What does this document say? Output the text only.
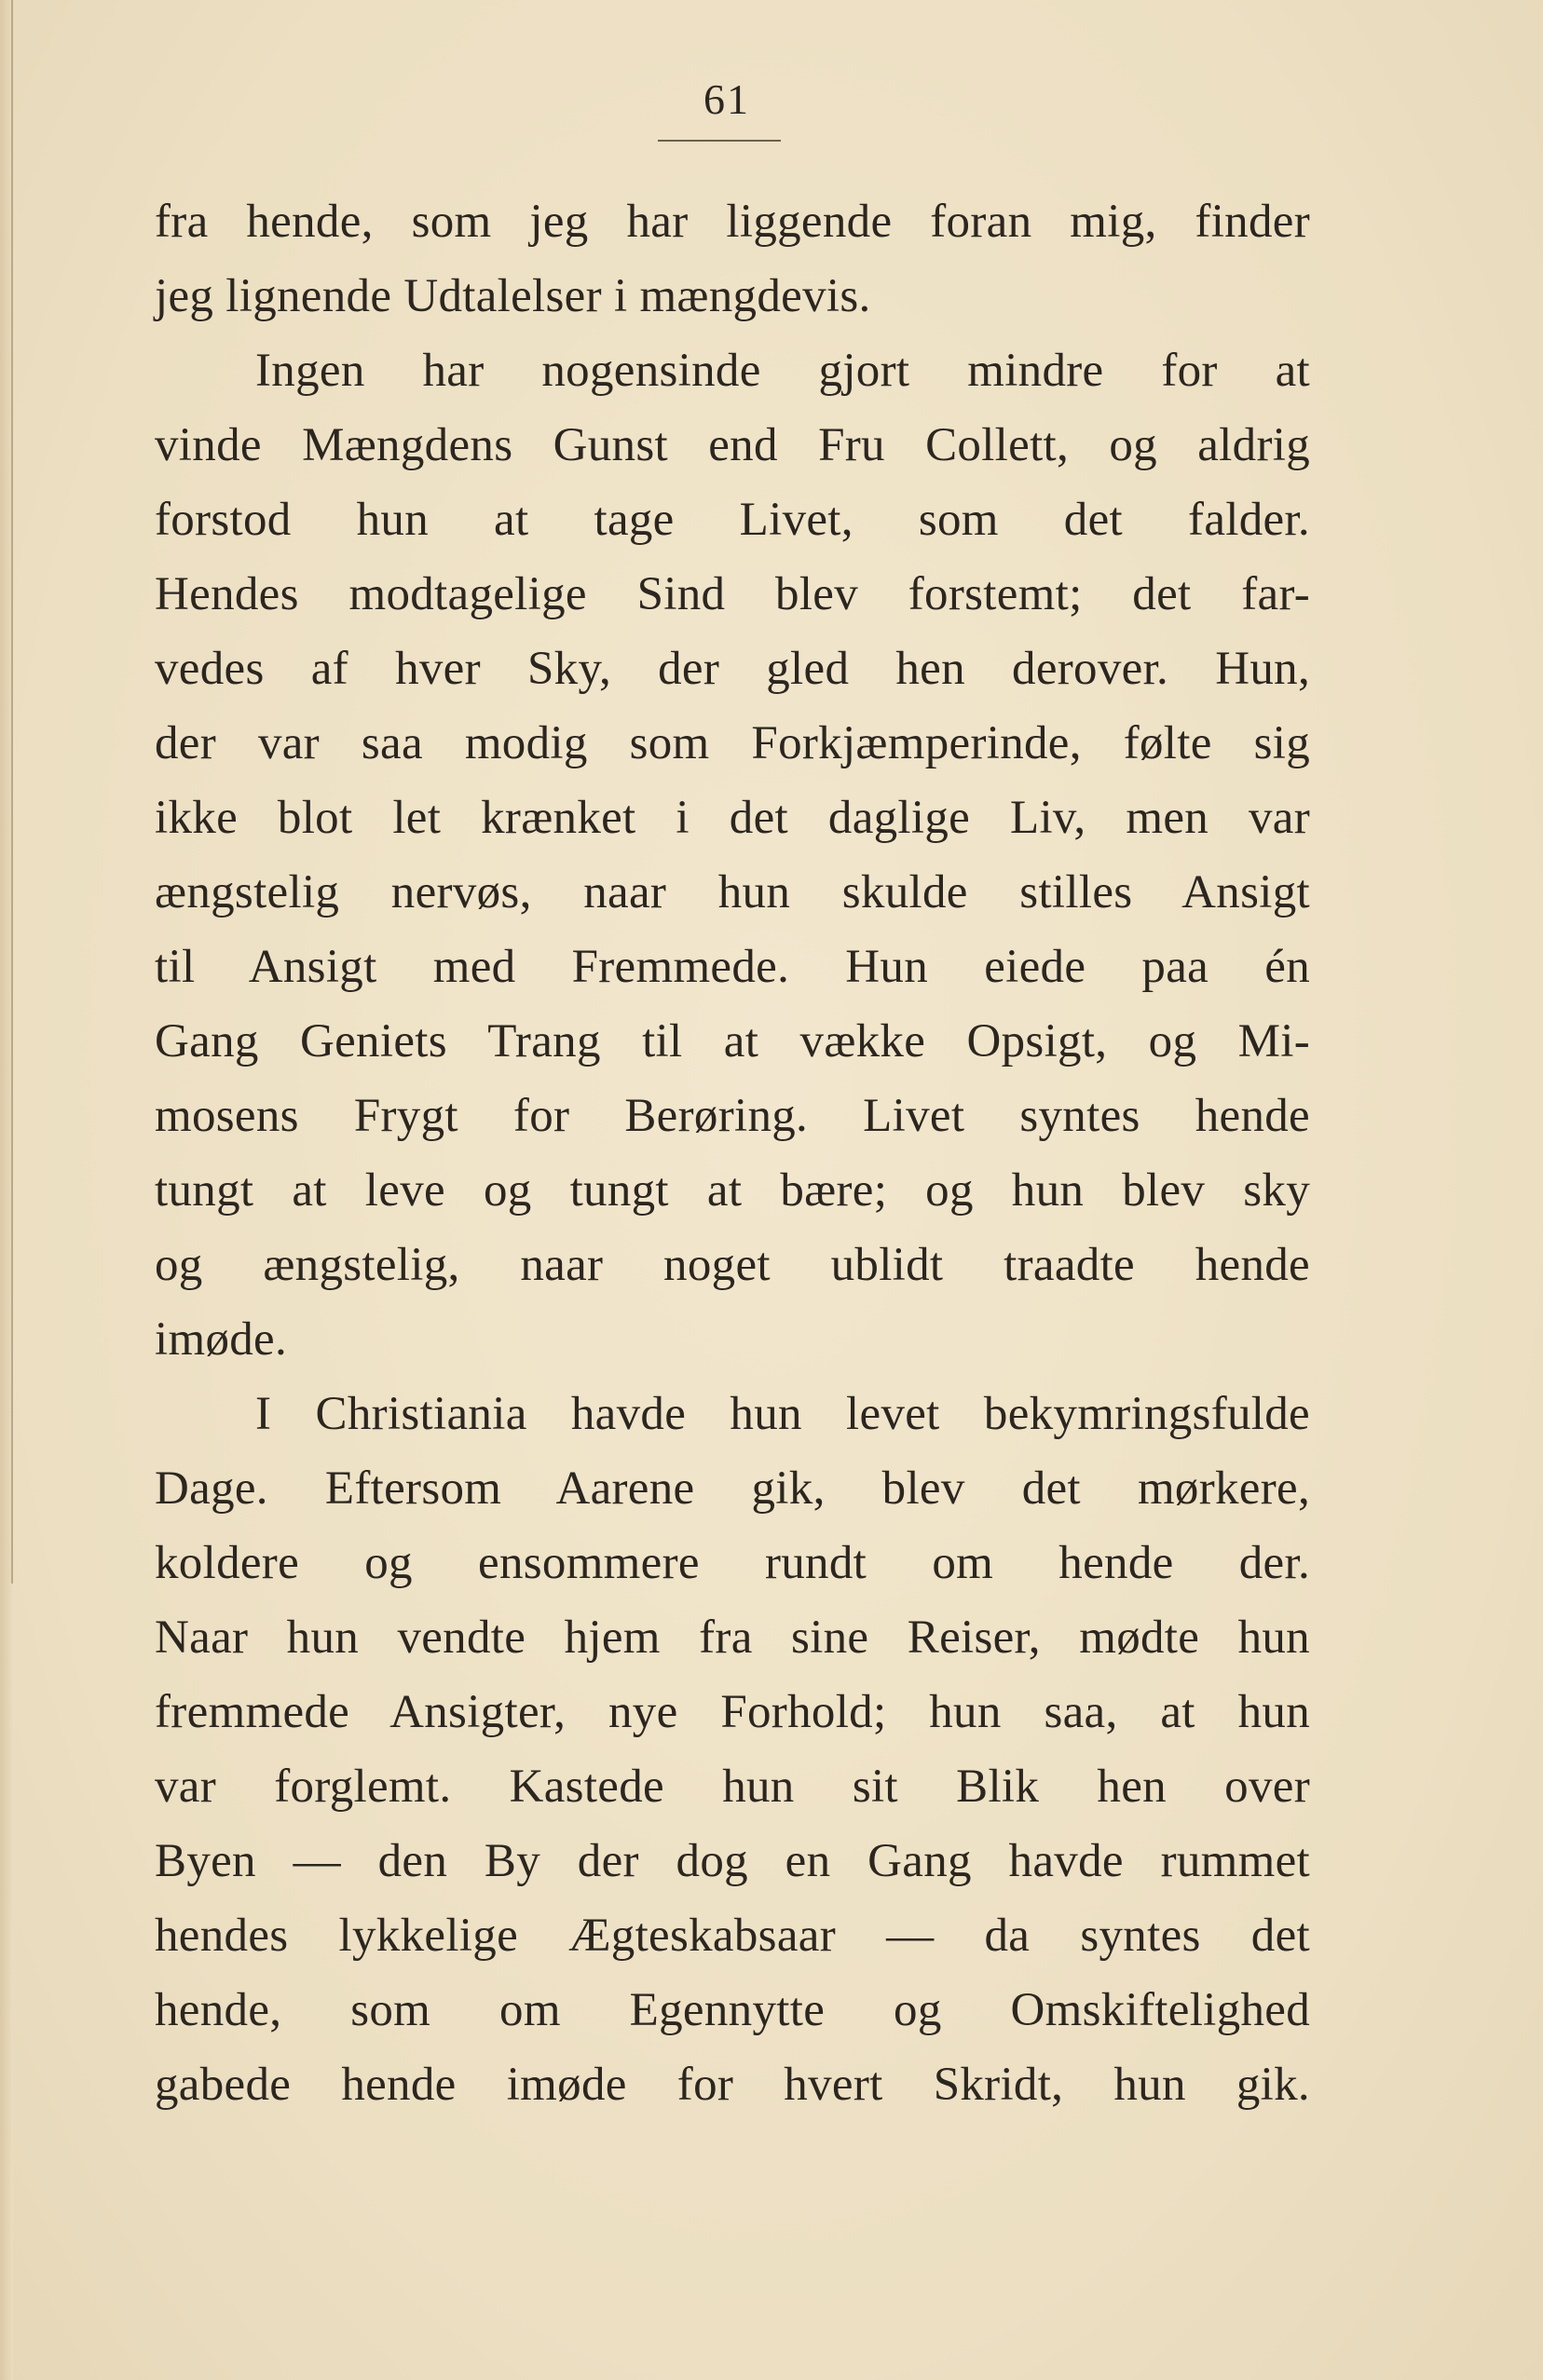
61
fra hende, som jeg har liggende foran mig, finder
jeg lignende Udtalelser i mængdevis.
Ingen har nogensinde gjort mindre for at
vinde Mængdens Gunst end Fru Collett, og aldrig
forstod hun at tage Livet, som det falder.
Hendes modtagelige Sind blev forstemt; det far-
vedes af hver Sky, der gled hen derover. Hun,
der var saa modig som Forkjæmperinde, følte sig
ikke blot let krænket i det daglige Liv, men var
ængstelig nervøs, naar hun skulde stilles Ansigt
til Ansigt med Fremmede. Hun eiede paa én
Gang Geniets Trang til at vække Opsigt, og Mi-
mosens Frygt for Berøring. Livet syntes hende
tungt at leve og tungt at bære; og hun blev sky
og ængstelig, naar noget ublidt traadte hende
imøde.
I Christiania havde hun levet bekymringsfulde
Dage. Eftersom Aarene gik, blev det mørkere,
koldere og ensommere rundt om hende der.
Naar hun vendte hjem fra sine Reiser, mødte hun
fremmede Ansigter, nye Forhold; hun saa, at hun
var forglemt. Kastede hun sit Blik hen over
Byen — den By der dog en Gang havde rummet
hendes lykkelige Ægteskabsaar — da syntes det
hende, som om Egennytte og Omskiftelighed
gabede hende imøde for hvert Skridt, hun gik.
